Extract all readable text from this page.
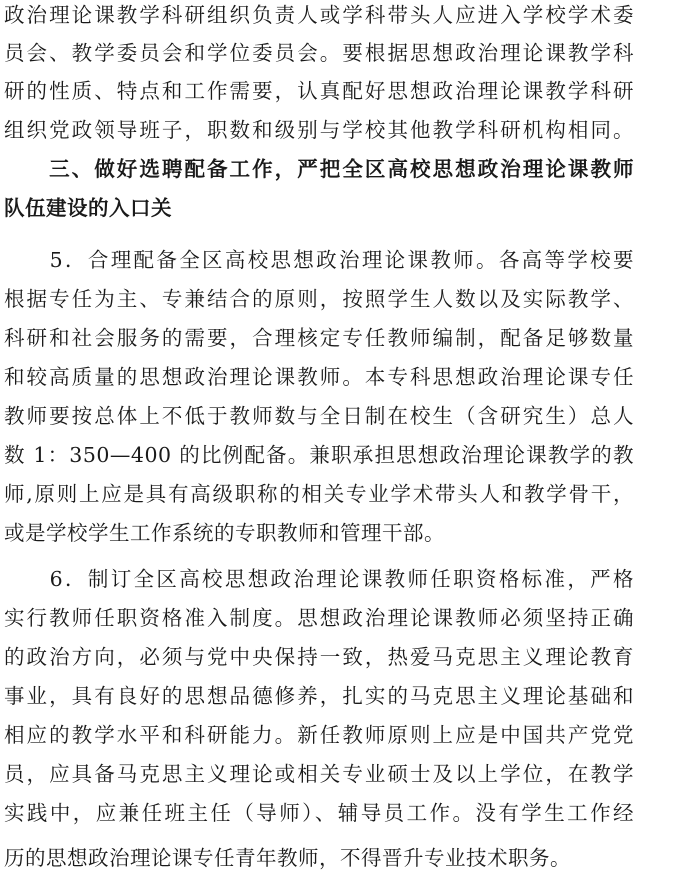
政治理论课教学科研组织负责人或学科带头人应进入学校学术委
员会、教学委员会和学位委员会。要根据思想政治理论课教学科
研的性质、特点和工作需要，认真配好思想政治理论课教学科研
组织党政领导班子，职数和级别与学校其他教学科研机构相同。
　　三、做好选聘配备工作，严把全区高校思想政治理论课教师
队伍建设的入口关
　　5．合理配备全区高校思想政治理论课教师。各高等学校要
根据专任为主、专兼结合的原则，按照学生人数以及实际教学、
科研和社会服务的需要，合理核定专任教师编制，配备足够数量
和较高质量的思想政治理论课教师。本专科思想政治理论课专任
教师要按总体上不低于教师数与全日制在校生（含研究生）总人
数 1：350—400 的比例配备。兼职承担思想政治理论课教学的教
师,原则上应是具有高级职称的相关专业学术带头人和教学骨干，
或是学校学生工作系统的专职教师和管理干部。
　　6．制订全区高校思想政治理论课教师任职资格标准，严格
实行教师任职资格准入制度。思想政治理论课教师必须坚持正确
的政治方向，必须与党中央保持一致，热爱马克思主义理论教育
事业，具有良好的思想品德修养，扎实的马克思主义理论基础和
相应的教学水平和科研能力。新任教师原则上应是中国共产党党
员，应具备马克思主义理论或相关专业硕士及以上学位，在教学
实践中，应兼任班主任（导师）、辅导员工作。没有学生工作经
历的思想政治理论课专任青年教师，不得晋升专业技术职务。
